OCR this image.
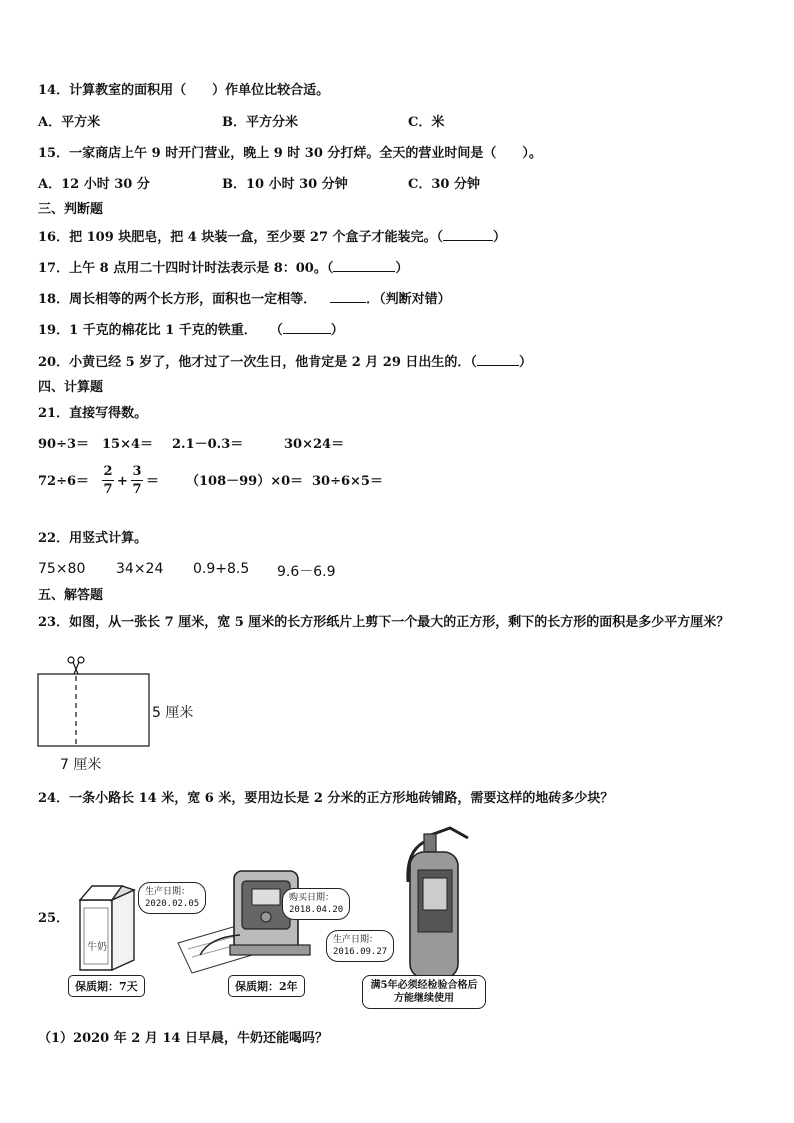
14．计算教室的面积用（　　）作单位比较合适。
A．平方米	B．平方分米	C．米
15．一家商店上午 9 时开门营业，晚上 9 时 30 分打烊。全天的营业时间是（　　）。
A．12 小时 30 分	B．10 小时 30 分钟	C．30 分钟
三、判断题
16．把 109 块肥皂，把 4 块装一盒，至少要 27 个盒子才能装完。（	）
17．上午 8 点用二十四时计时法表示是 8：00。（	）
18．周长相等的两个长方形，面积也一定相等．	．（判断对错）
19．1 千克的棉花比 1 千克的铁重．　　（	）
20．小黄已经 5 岁了，他才过了一次生日，他肯定是 2 月 29 日出生的．（	）
四、计算题
21．直接写得数。
90÷3＝ 15×4＝ 2.1－0.3＝	30×24＝
72÷6＝
2
7
+
3
7
＝ （108－99）×0＝ 30÷6×5＝
22．用竖式计算。
75×80 34×24 0.9+8.5 9.6－6.9
五、解答题
23．如图，从一张长 7 厘米，宽 5 厘米的长方形纸片上剪下一个最大的正方形，剩下的长方形的面积是多少平方厘米？
5 厘米
7 厘米
24．一条小路长 14 米，宽 6 米，要用边长是 2 分米的正方形地砖铺路，需要这样的地砖多少块？
25．
牛奶
生产日期：
2020.02.05
保质期：7天
购买日期：
2018.04.20
保质期：2年
生产日期：
2016.09.27
满5年必须经检验合格后方能继续使用
（1）2020 年 2 月 14 日早晨，牛奶还能喝吗？
